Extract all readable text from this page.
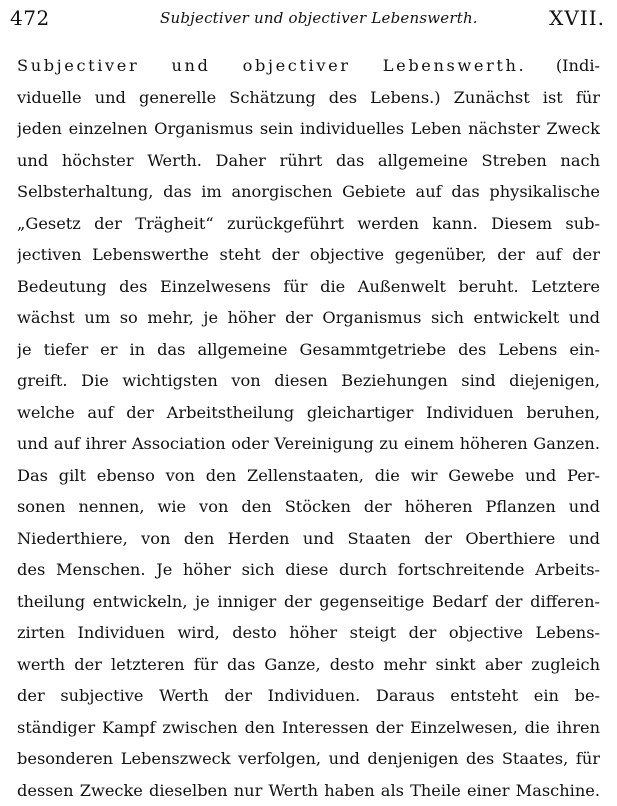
472	Subjectiver und objectiver Lebenswerth.	XVII.
Subjectiver und objectiver Lebenswerth. (Indi-
viduelle und generelle Schätzung des Lebens.) Zunächst ist für
jeden einzelnen Organismus sein individuelles Leben nächster Zweck
und höchster Werth. Daher rührt das allgemeine Streben nach
Selbsterhaltung, das im anorgischen Gebiete auf das physikalische
„Gesetz der Trägheit“ zurückgeführt werden kann. Diesem sub-
jectiven Lebenswerthe steht der objective gegenüber, der auf der
Bedeutung des Einzelwesens für die Außenwelt beruht. Letztere
wächst um so mehr, je höher der Organismus sich entwickelt und
je tiefer er in das allgemeine Gesammtgetriebe des Lebens ein-
greift. Die wichtigsten von diesen Beziehungen sind diejenigen,
welche auf der Arbeitstheilung gleichartiger Individuen beruhen,
und auf ihrer Association oder Vereinigung zu einem höheren Ganzen.
Das gilt ebenso von den Zellenstaaten, die wir Gewebe und Per-
sonen nennen, wie von den Stöcken der höheren Pflanzen und
Niederthiere, von den Herden und Staaten der Oberthiere und
des Menschen. Je höher sich diese durch fortschreitende Arbeits-
theilung entwickeln, je inniger der gegenseitige Bedarf der differen-
zirten Individuen wird, desto höher steigt der objective Lebens-
werth der letzteren für das Ganze, desto mehr sinkt aber zugleich
der subjective Werth der Individuen. Daraus entsteht ein be-
ständiger Kampf zwischen den Interessen der Einzelwesen, die ihren
besonderen Lebenszweck verfolgen, und denjenigen des Staates, für
dessen Zwecke dieselben nur Werth haben als Theile einer Maschine.
